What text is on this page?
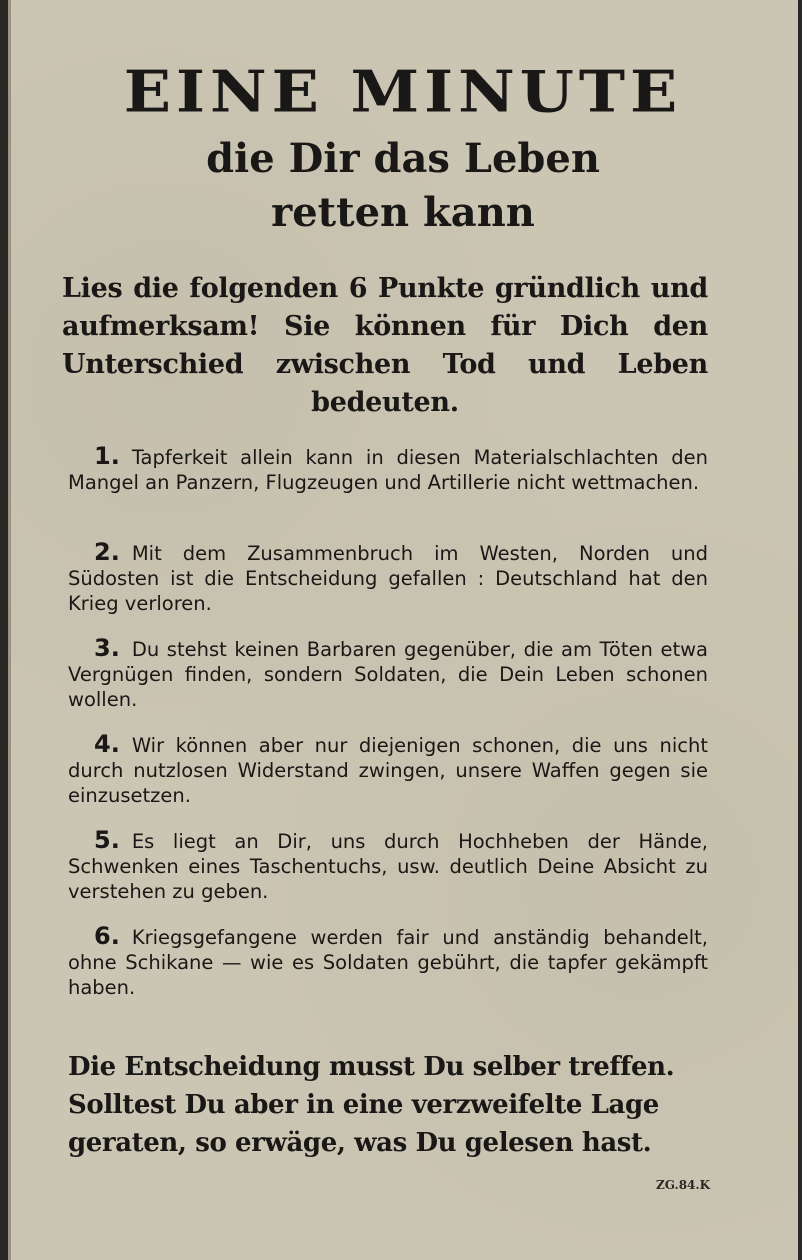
EINE MINUTE
die Dir das Leben
retten kann

Lies die folgenden 6 Punkte gründlich und aufmerksam! Sie können für Dich den Unterschied zwischen Tod und Leben bedeuten.

1. Tapferkeit allein kann in diesen Materialschlachten den Mangel an Panzern, Flugzeugen und Artillerie nicht wettmachen.
2. Mit dem Zusammenbruch im Westen, Norden und Südosten ist die Entscheidung gefallen : Deutschland hat den Krieg verloren.
3. Du stehst keinen Barbaren gegenüber, die am Töten etwa Vergnügen finden, sondern Soldaten, die Dein Leben schonen wollen.
4. Wir können aber nur diejenigen schonen, die uns nicht durch nutzlosen Widerstand zwingen, unsere Waffen gegen sie einzusetzen.
5. Es liegt an Dir, uns durch Hochheben der Hände, Schwenken eines Taschentuchs, usw. deutlich Deine Absicht zu verstehen zu geben.
6. Kriegsgefangene werden fair und anständig behandelt, ohne Schikane — wie es Soldaten gebührt, die tapfer gekämpft haben.

Die Entscheidung musst Du selber treffen. Solltest Du aber in eine verzweifelte Lage geraten, so erwäge, was Du gelesen hast.

ZG.84.K
